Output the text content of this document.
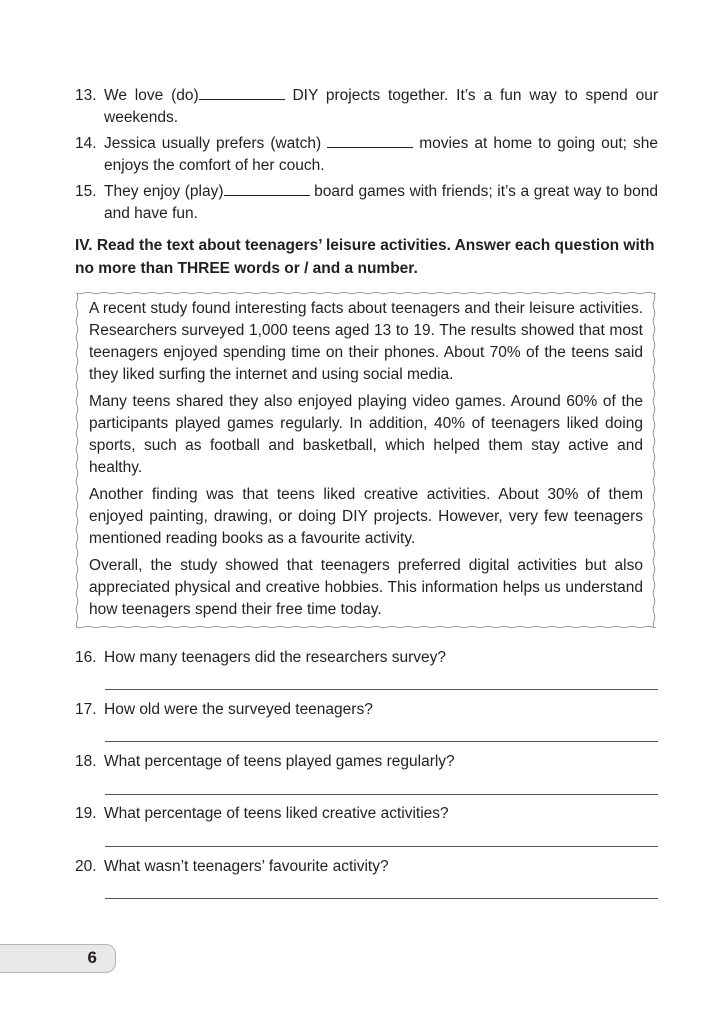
13. We love (do)	DIY projects together. It’s a fun way to spend our weekends.
14. Jessica usually prefers (watch)	movies at home to going out; she enjoys the comfort of her couch.
15. They enjoy (play)	board games with friends; it’s a great way to bond and have fun.
IV. Read the text about teenagers’ leisure activities. Answer each question with no more than THREE words or / and a number.

A recent study found interesting facts about teenagers and their leisure activities. Researchers surveyed 1,000 teens aged 13 to 19. The results showed that most teenagers enjoyed spending time on their phones. About 70% of the teens said they liked surfing the internet and using social media.

Many teens shared they also enjoyed playing video games. Around 60% of the participants played games regularly. In addition, 40% of teenagers liked doing sports, such as football and basketball, which helped them stay active and healthy.

Another finding was that teens liked creative activities. About 30% of them enjoyed painting, drawing, or doing DIY projects. However, very few teenagers mentioned reading books as a favourite activity.

Overall, the study showed that teenagers preferred digital activities but also appreciated physical and creative hobbies. This information helps us understand how teenagers spend their free time today.

16. How many teenagers did the researchers survey?
17. How old were the surveyed teenagers?
18. What percentage of teens played games regularly?
19. What percentage of teens liked creative activities?
20. What wasn’t teenagers’ favourite activity?
6
